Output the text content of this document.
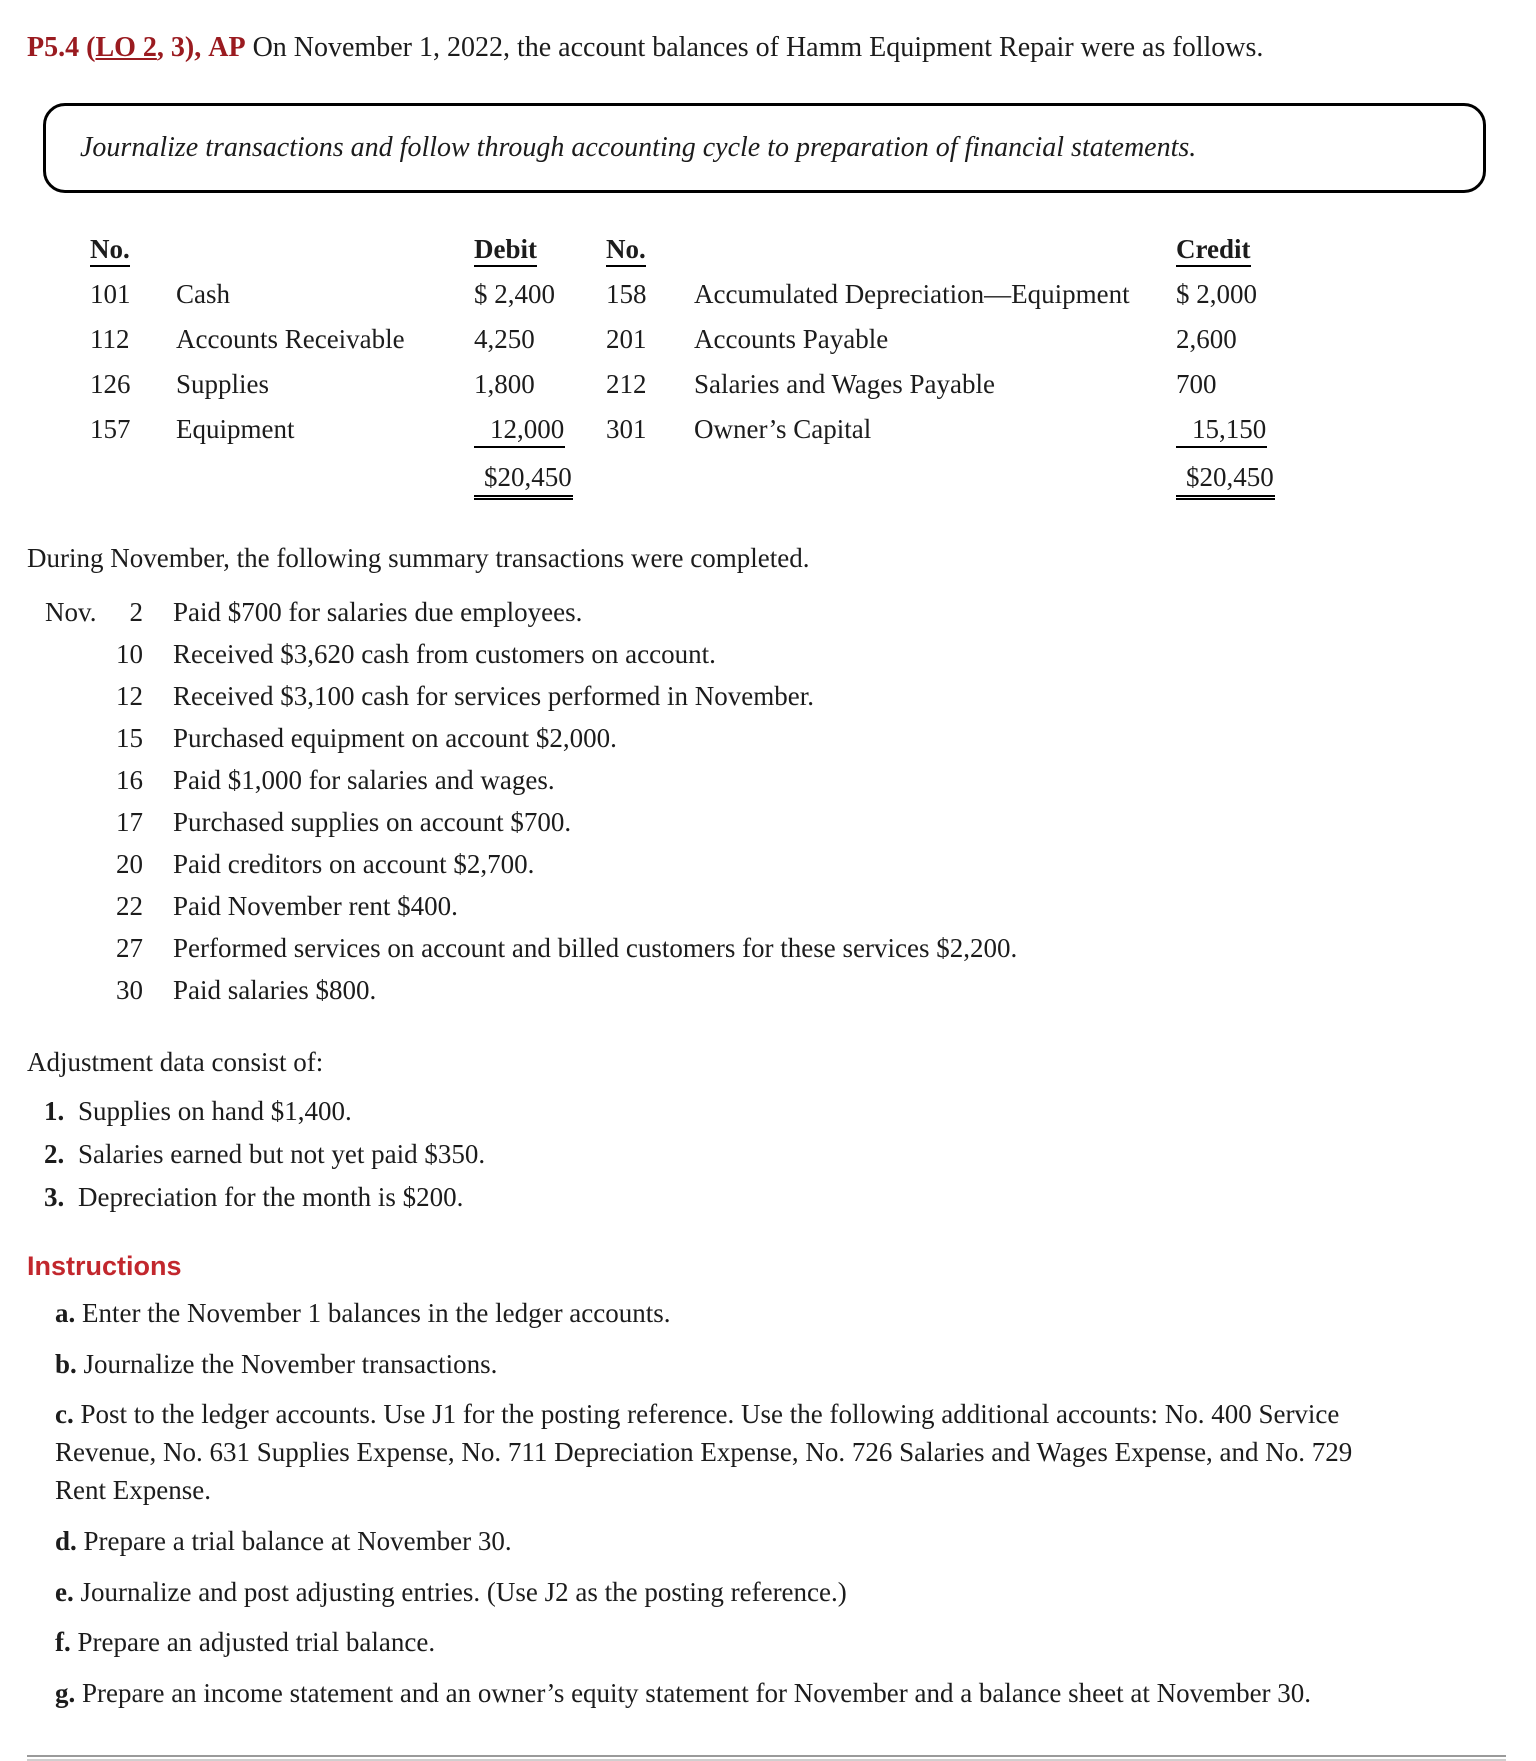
P5.4 (LO 2, 3), AP On November 1, 2022, the account balances of Hamm Equipment Repair were as follows.

Journalize transactions and follow through accounting cycle to preparation of financial statements.
No.		Debit
101	Cash	$ 2,400
112	Accounts Receivable	4,250
126	Supplies	1,800
157	Equipment	12,000
		$20,450
No.		Credit
158	Accumulated Depreciation—Equipment	$ 2,000
201	Accounts Payable	2,600
212	Salaries and Wages Payable	700
301	Owner’s Capital	15,150
		$20,450

During November, the following summary transactions were completed.

Nov.	2	Paid $700 for salaries due employees.
10	Received $3,620 cash from customers on account.
12	Received $3,100 cash for services performed in November.
15	Purchased equipment on account $2,000.
16	Paid $1,000 for salaries and wages.
17	Purchased supplies on account $700.
20	Paid creditors on account $2,700.
22	Paid November rent $400.
27	Performed services on account and billed customers for these services $2,200.
30	Paid salaries $800.

Adjustment data consist of:

1. Supplies on hand $1,400.
2. Salaries earned but not yet paid $350.
3. Depreciation for the month is $200.
Instructions

a. Enter the November 1 balances in the ledger accounts.

b. Journalize the November transactions.

c. Post to the ledger accounts. Use J1 for the posting reference. Use the following additional accounts: No. 400 Service Revenue, No. 631 Supplies Expense, No. 711 Depreciation Expense, No. 726 Salaries and Wages Expense, and No. 729 Rent Expense.

d. Prepare a trial balance at November 30.

e. Journalize and post adjusting entries. (Use J2 as the posting reference.)

f. Prepare an adjusted trial balance.

g. Prepare an income statement and an owner’s equity statement for November and a balance sheet at November 30.
